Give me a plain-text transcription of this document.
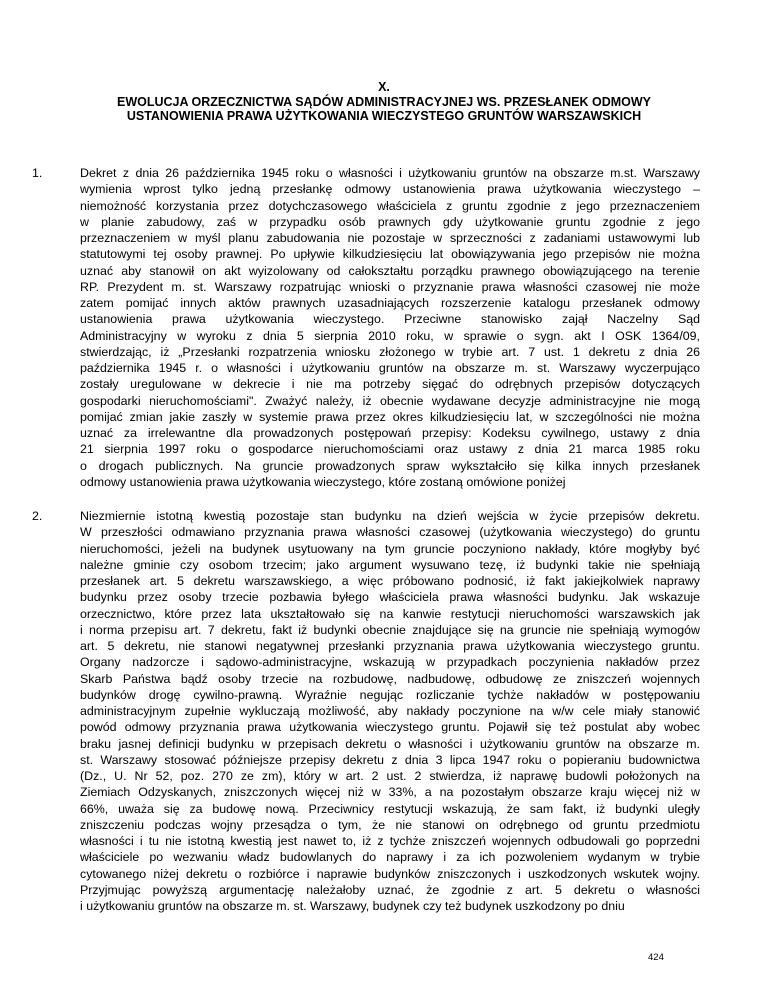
X.
EWOLUCJA ORZECZNICTWA SĄDÓW ADMINISTRACYJNEJ WS. PRZESŁANEK ODMOWY
USTANOWIENIA PRAWA UŻYTKOWANIA WIECZYSTEGO GRUNTÓW WARSZAWSKICH
1.	Dekret z dnia 26 października 1945 roku o własności i użytkowaniu gruntów na obszarze m.st. Warszawy
wymienia wprost tylko jedną przesłankę odmowy ustanowienia prawa użytkowania wieczystego –
niemożność korzystania przez dotychczasowego właściciela z gruntu zgodnie z jego przeznaczeniem
w planie zabudowy, zaś w przypadku osób prawnych gdy użytkowanie gruntu zgodnie z jego
przeznaczeniem w myśl planu zabudowania nie pozostaje w sprzeczności z zadaniami ustawowymi lub
statutowymi tej osoby prawnej. Po upływie kilkudziesięciu lat obowiązywania jego przepisów nie można
uznać aby stanowił on akt wyizolowany od całokształtu porządku prawnego obowiązującego na terenie
RP. Prezydent m. st. Warszawy rozpatrując wnioski o przyznanie prawa własności czasowej nie może
zatem pomijać innych aktów prawnych uzasadniających rozszerzenie katalogu przesłanek odmowy
ustanowienia prawa użytkowania wieczystego. Przeciwne stanowisko zajął Naczelny Sąd
Administracyjny w wyroku z dnia 5 sierpnia 2010 roku, w sprawie o sygn. akt I OSK 1364/09,
stwierdzając, iż „Przesłanki rozpatrzenia wniosku złożonego w trybie art. 7 ust. 1 dekretu z dnia 26
października 1945 r. o własności i użytkowaniu gruntów na obszarze m. st. Warszawy wyczerpująco
zostały uregulowane w dekrecie i nie ma potrzeby sięgać do odrębnych przepisów dotyczących
gospodarki nieruchomościami". Zważyć należy, iż obecnie wydawane decyzje administracyjne nie mogą
pomijać zmian jakie zaszły w systemie prawa przez okres kilkudziesięciu lat, w szczególności nie można
uznać za irrelewantne dla prowadzonych postępowań przepisy: Kodeksu cywilnego, ustawy z dnia
21 sierpnia 1997 roku o gospodarce nieruchomościami oraz ustawy z dnia 21 marca 1985 roku
o drogach publicznych. Na gruncie prowadzonych spraw wykształciło się kilka innych przesłanek
odmowy ustanowienia prawa użytkowania wieczystego, które zostaną omówione poniżej
2.	Niezmiernie istotną kwestią pozostaje stan budynku na dzień wejścia w życie przepisów dekretu.
W przeszłości odmawiano przyznania prawa własności czasowej (użytkowania wieczystego) do gruntu
nieruchomości, jeżeli na budynek usytuowany na tym gruncie poczyniono nakłady, które mogłyby być
należne gminie czy osobom trzecim; jako argument wysuwano tezę, iż budynki takie nie spełniają
przesłanek art. 5 dekretu warszawskiego, a więc próbowano podnosić, iż fakt jakiejkolwiek naprawy
budynku przez osoby trzecie pozbawia byłego właściciela prawa własności budynku. Jak wskazuje
orzecznictwo, które przez lata ukształtowało się na kanwie restytucji nieruchomości warszawskich jak
i norma przepisu art. 7 dekretu, fakt iż budynki obecnie znajdujące się na gruncie nie spełniają wymogów
art. 5 dekretu, nie stanowi negatywnej przesłanki przyznania prawa użytkowania wieczystego gruntu.
Organy nadzorcze i sądowo-administracyjne, wskazują w przypadkach poczynienia nakładów przez
Skarb Państwa bądź osoby trzecie na rozbudowę, nadbudowę, odbudowę ze zniszczeń wojennych
budynków drogę cywilno-prawną. Wyraźnie negując rozliczanie tychże nakładów w postępowaniu
administracyjnym zupełnie wykluczają możliwość, aby nakłady poczynione na w/w cele miały stanowić
powód odmowy przyznania prawa użytkowania wieczystego gruntu. Pojawił się też postulat aby wobec
braku jasnej definicji budynku w przepisach dekretu o własności i użytkowaniu gruntów na obszarze m.
st. Warszawy stosować późniejsze przepisy dekretu z dnia 3 lipca 1947 roku o popieraniu budownictwa
(Dz., U. Nr 52, poz. 270 ze zm), który w art. 2 ust. 2 stwierdza, iż naprawę budowli położonych na
Ziemiach Odzyskanych, zniszczonych więcej niż w 33%, a na pozostałym obszarze kraju więcej niż w
66%, uważa się za budowę nową. Przeciwnicy restytucji wskazują, że sam fakt, iż budynki uległy
zniszczeniu podczas wojny przesądza o tym, że nie stanowi on odrębnego od gruntu przedmiotu
własności i tu nie istotną kwestią jest nawet to, iż z tychże zniszczeń wojennych odbudowali go poprzedni
właściciele po wezwaniu władz budowlanych do naprawy i za ich pozwoleniem wydanym w trybie
cytowanego niżej dekretu o rozbiórce i naprawie budynków zniszczonych i uszkodzonych wskutek wojny.
Przyjmując powyższą argumentację należałoby uznać, że zgodnie z art. 5 dekretu o własności
i użytkowaniu gruntów na obszarze m. st. Warszawy, budynek czy też budynek uszkodzony po dniu
424
